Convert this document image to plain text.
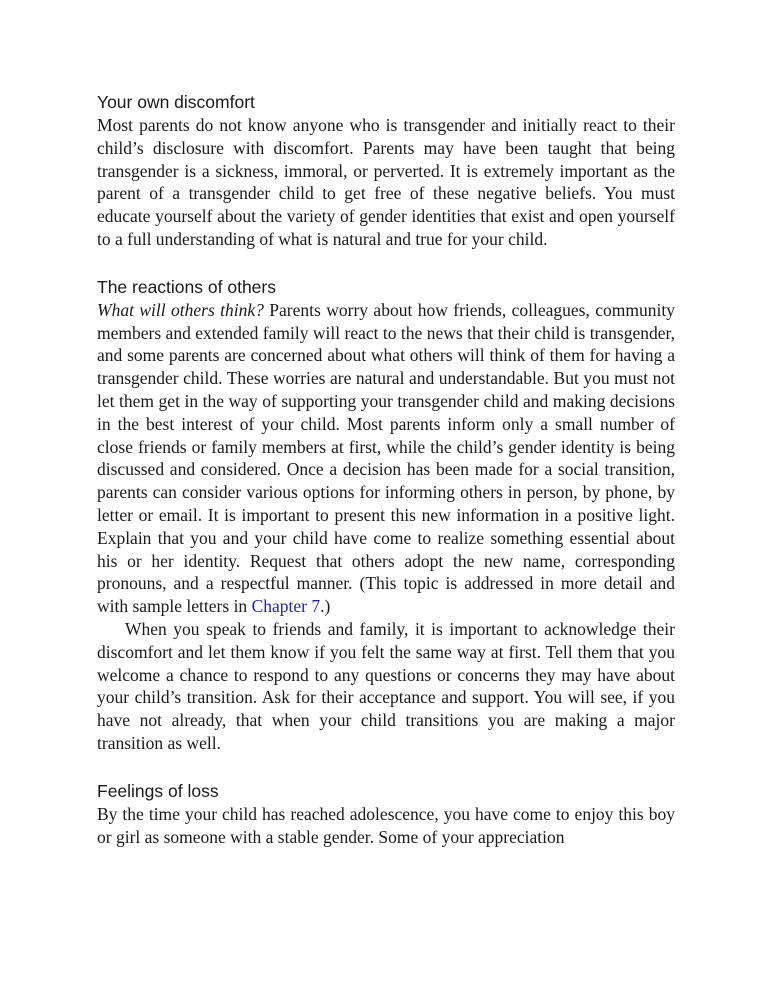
Your own discomfort

Most parents do not know anyone who is transgender and initially react to their child’s disclosure with discomfort. Parents may have been taught that being transgender is a sickness, immoral, or perverted. It is extremely important as the parent of a transgender child to get free of these negative beliefs. You must educate yourself about the variety of gender identities that exist and open yourself to a full understanding of what is natural and true for your child.

The reactions of others

What will others think? Parents worry about how friends, colleagues, community members and extended family will react to the news that their child is transgender, and some parents are concerned about what others will think of them for having a transgender child. These worries are natural and understandable. But you must not let them get in the way of supporting your transgender child and making decisions in the best interest of your child. Most parents inform only a small number of close friends or family members at first, while the child’s gender identity is being discussed and considered. Once a decision has been made for a social transition, parents can consider various options for informing others in person, by phone, by letter or email. It is important to present this new information in a positive light. Explain that you and your child have come to realize something essential about his or her identity. Request that others adopt the new name, corresponding pronouns, and a respectful manner. (This topic is addressed in more detail and with sample letters in Chapter 7.)

When you speak to friends and family, it is important to acknowledge their discomfort and let them know if you felt the same way at first. Tell them that you welcome a chance to respond to any questions or concerns they may have about your child’s transition. Ask for their acceptance and support. You will see, if you have not already, that when your child transitions you are making a major transition as well.

Feelings of loss

By the time your child has reached adolescence, you have come to enjoy this boy or girl as someone with a stable gender. Some of your appreciation
